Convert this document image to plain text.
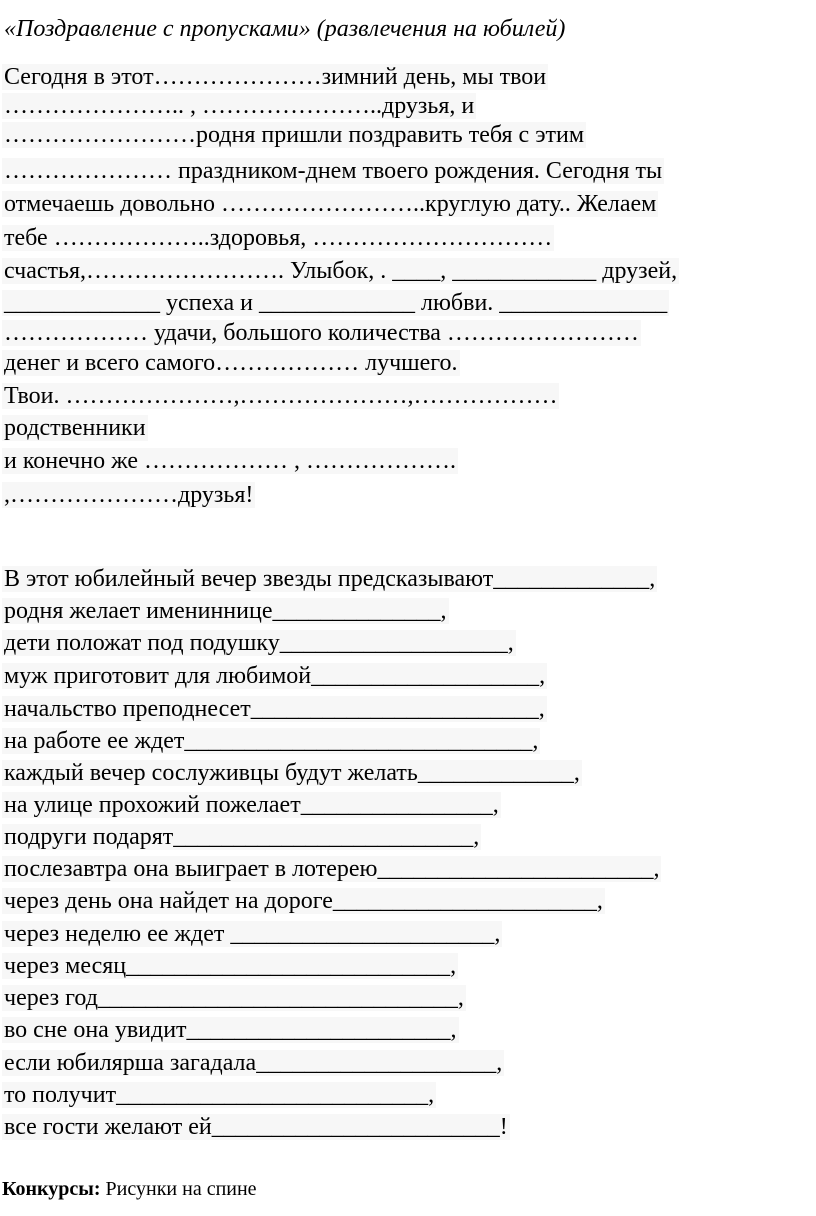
«Поздравление с пропусками» (развлечения на юбилей)
Сегодня в этот…………………зимний день, мы твои
………………….. , …………………..друзья, и
……………………родня пришли поздравить тебя с этим
………………… праздником-днем твоего рождения. Сегодня ты
отмечаешь довольно ……………………..круглую дату.. Желаем
тебе ………………..здоровья, …………………………
счастья,……………………. Улыбок, . ____, ____________ друзей,
_____________ успеха и _____________ любви. ______________
……………… удачи, большого количества ……………………
денег и всего самого……………… лучшего.
Твои. …………………,…………………,………………
родственники
и конечно же ……………… , ……………….
,…………………друзья!
В этот юбилейный вечер звезды предсказывают_____________,
родня желает имениннице______________,
дети положат под подушку___________________,
муж приготовит для любимой___________________,
начальство преподнесет________________________,
на работе ее ждет_____________________________,
каждый вечер сослуживцы будут желать_____________,
на улице прохожий пожелает________________,
подруги подарят_________________________,
послезавтра она выиграет в лотерею_______________________,
через день она найдет на дороге______________________,
через неделю ее ждет ______________________,
через месяц___________________________,
через год______________________________,
во сне она увидит______________________,
если юбилярша загадала____________________,
то получит__________________________,
все гости желают ей________________________!
Конкурсы: Рисунки на спине
